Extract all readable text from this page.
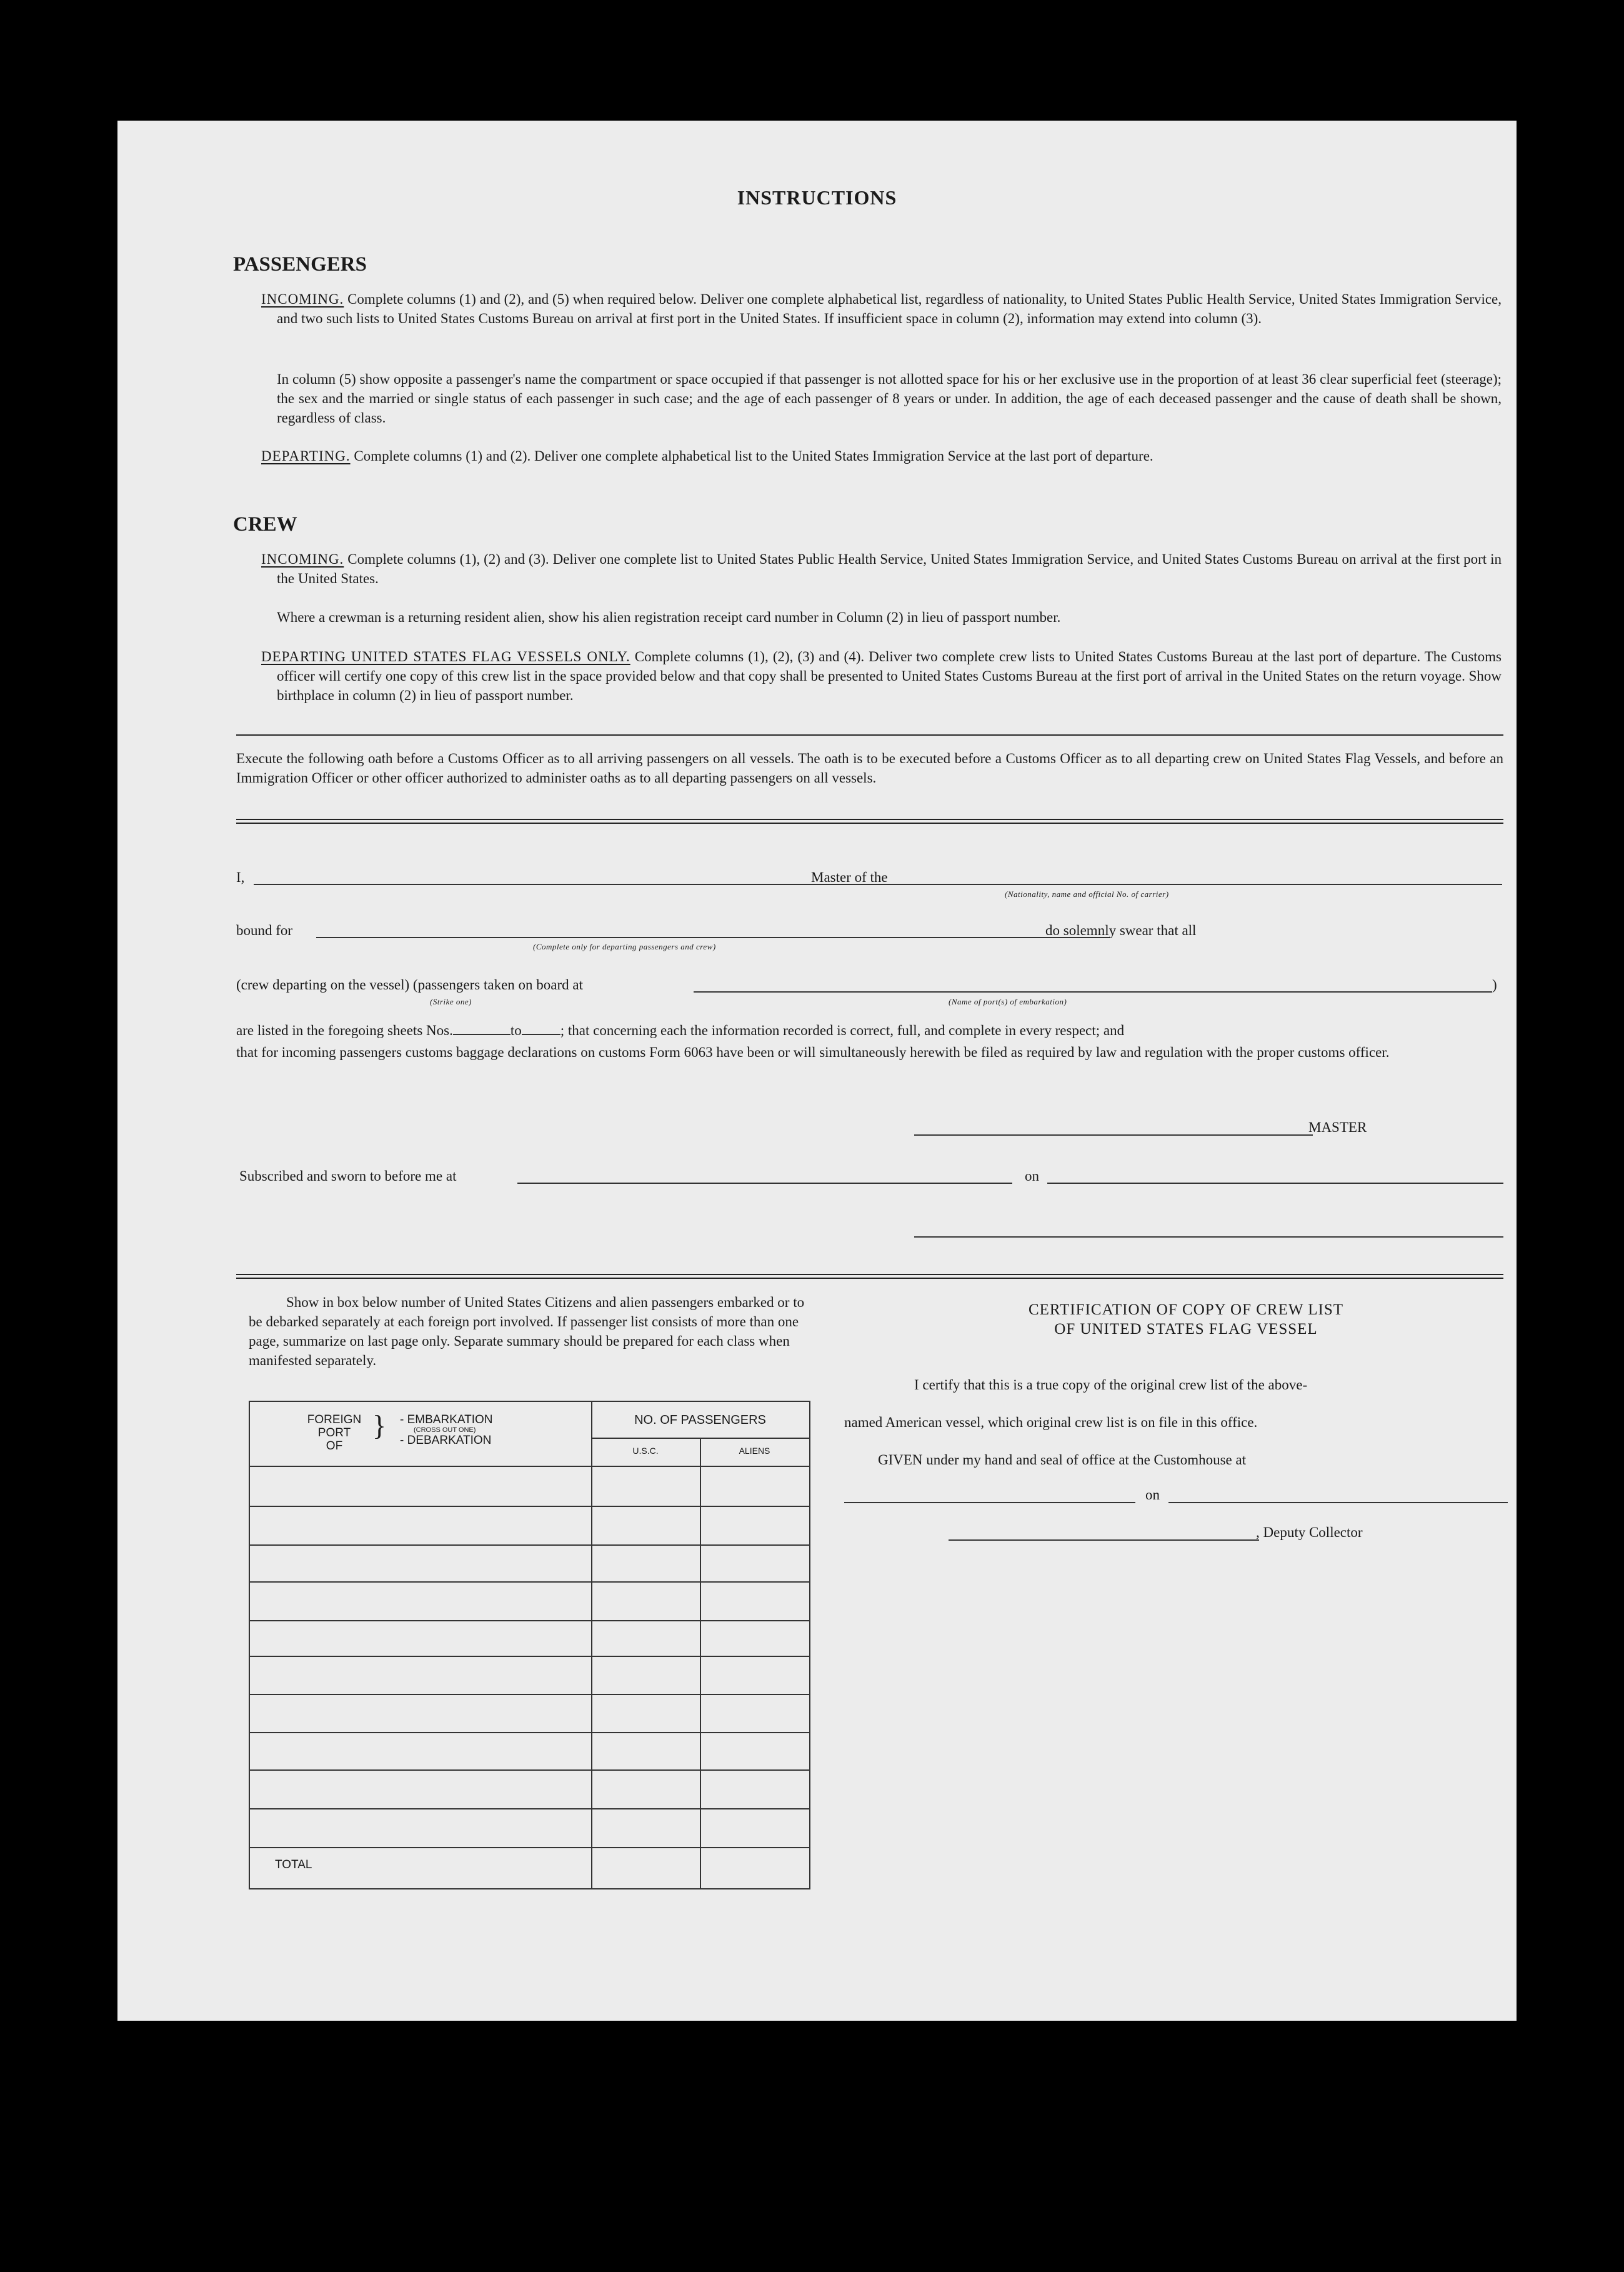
INSTRUCTIONS
PASSENGERS
INCOMING. Complete columns (1) and (2), and (5) when required below. Deliver one complete alphabetical list, regardless of nationality, to United States Public Health Service, United States Immigration Service, and two such lists to United States Customs Bureau on arrival at first port in the United States. If insufficient space in column (2), information may extend into column (3).
In column (5) show opposite a passenger's name the compartment or space occupied if that passenger is not allotted space for his or her exclusive use in the proportion of at least 36 clear superficial feet (steerage); the sex and the married or single status of each passenger in such case; and the age of each passenger of 8 years or under. In addition, the age of each deceased passenger and the cause of death shall be shown, regardless of class.
DEPARTING. Complete columns (1) and (2). Deliver one complete alphabetical list to the United States Immigration Service at the last port of departure.
CREW
INCOMING. Complete columns (1), (2) and (3). Deliver one complete list to United States Public Health Service, United States Immigration Service, and United States Customs Bureau on arrival at the first port in the United States.
Where a crewman is a returning resident alien, show his alien registration receipt card number in Column (2) in lieu of passport number.
DEPARTING UNITED STATES FLAG VESSELS ONLY. Complete columns (1), (2), (3) and (4). Deliver two complete crew lists to United States Customs Bureau at the last port of departure. The Customs officer will certify one copy of this crew list in the space provided below and that copy shall be presented to United States Customs Bureau at the first port of arrival in the United States on the return voyage. Show birthplace in column (2) in lieu of passport number.
Execute the following oath before a Customs Officer as to all arriving passengers on all vessels. The oath is to be executed before a Customs Officer as to all departing crew on United States Flag Vessels, and before an Immigration Officer or other officer authorized to administer oaths as to all departing passengers on all vessels.
I,	Master of the
(Nationality, name and official No. of carrier)
bound for	do solemnly swear that all
(Complete only for departing passengers and crew)
(crew departing on the vessel) (passengers taken on board at	)
(Strike one)	(Name of port(s) of embarkation)
are listed in the foregoing sheets Nos.	to	; that concerning each the information recorded is correct, full, and complete in every respect; and
that for incoming passengers customs baggage declarations on customs Form 6063 have been or will simultaneously herewith be filed as required by law and regulation with the proper customs officer.
MASTER
Subscribed and sworn to before me at	on
Show in box below number of United States Citizens and alien passengers embarked or to be debarked separately at each foreign port involved. If passenger list consists of more than one page, summarize on last page only. Separate summary should be prepared for each class when manifested separately.
FOREIGN
PORT
OF
} - EMBARKATION
(CROSS OUT ONE)
- DEBARKATION
NO. OF PASSENGERS
U.S.C.	ALIENS
TOTAL
CERTIFICATION OF COPY OF CREW LIST
OF UNITED STATES FLAG VESSEL
I certify that this is a true copy of the original crew list of the above-
named American vessel, which original crew list is on file in this office.
GIVEN under my hand and seal of office at the Customhouse at
on
, Deputy Collector
